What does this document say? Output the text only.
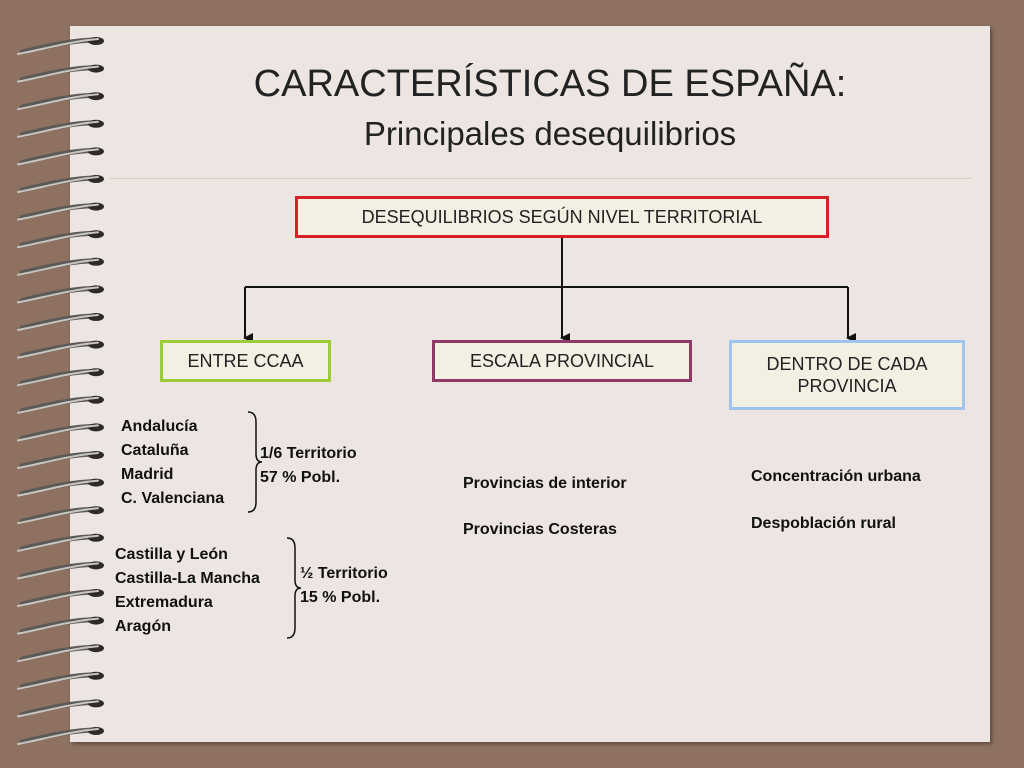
CARACTERÍSTICAS DE ESPAÑA:
Principales desequilibrios
DESEQUILIBRIOS SEGÚN NIVEL TERRITORIAL
ENTRE CCAA	ESCALA PROVINCIAL	DENTRO DE CADA PROVINCIA
Andalucía
Cataluña
Madrid
C. Valenciana
1/6 Territorio
57 % Pobl.
Castilla y León
Castilla-La Mancha
Extremadura
Aragón
½ Territorio
15 % Pobl.
Provincias de interior
Provincias Costeras
Concentración urbana
Despoblación rural
